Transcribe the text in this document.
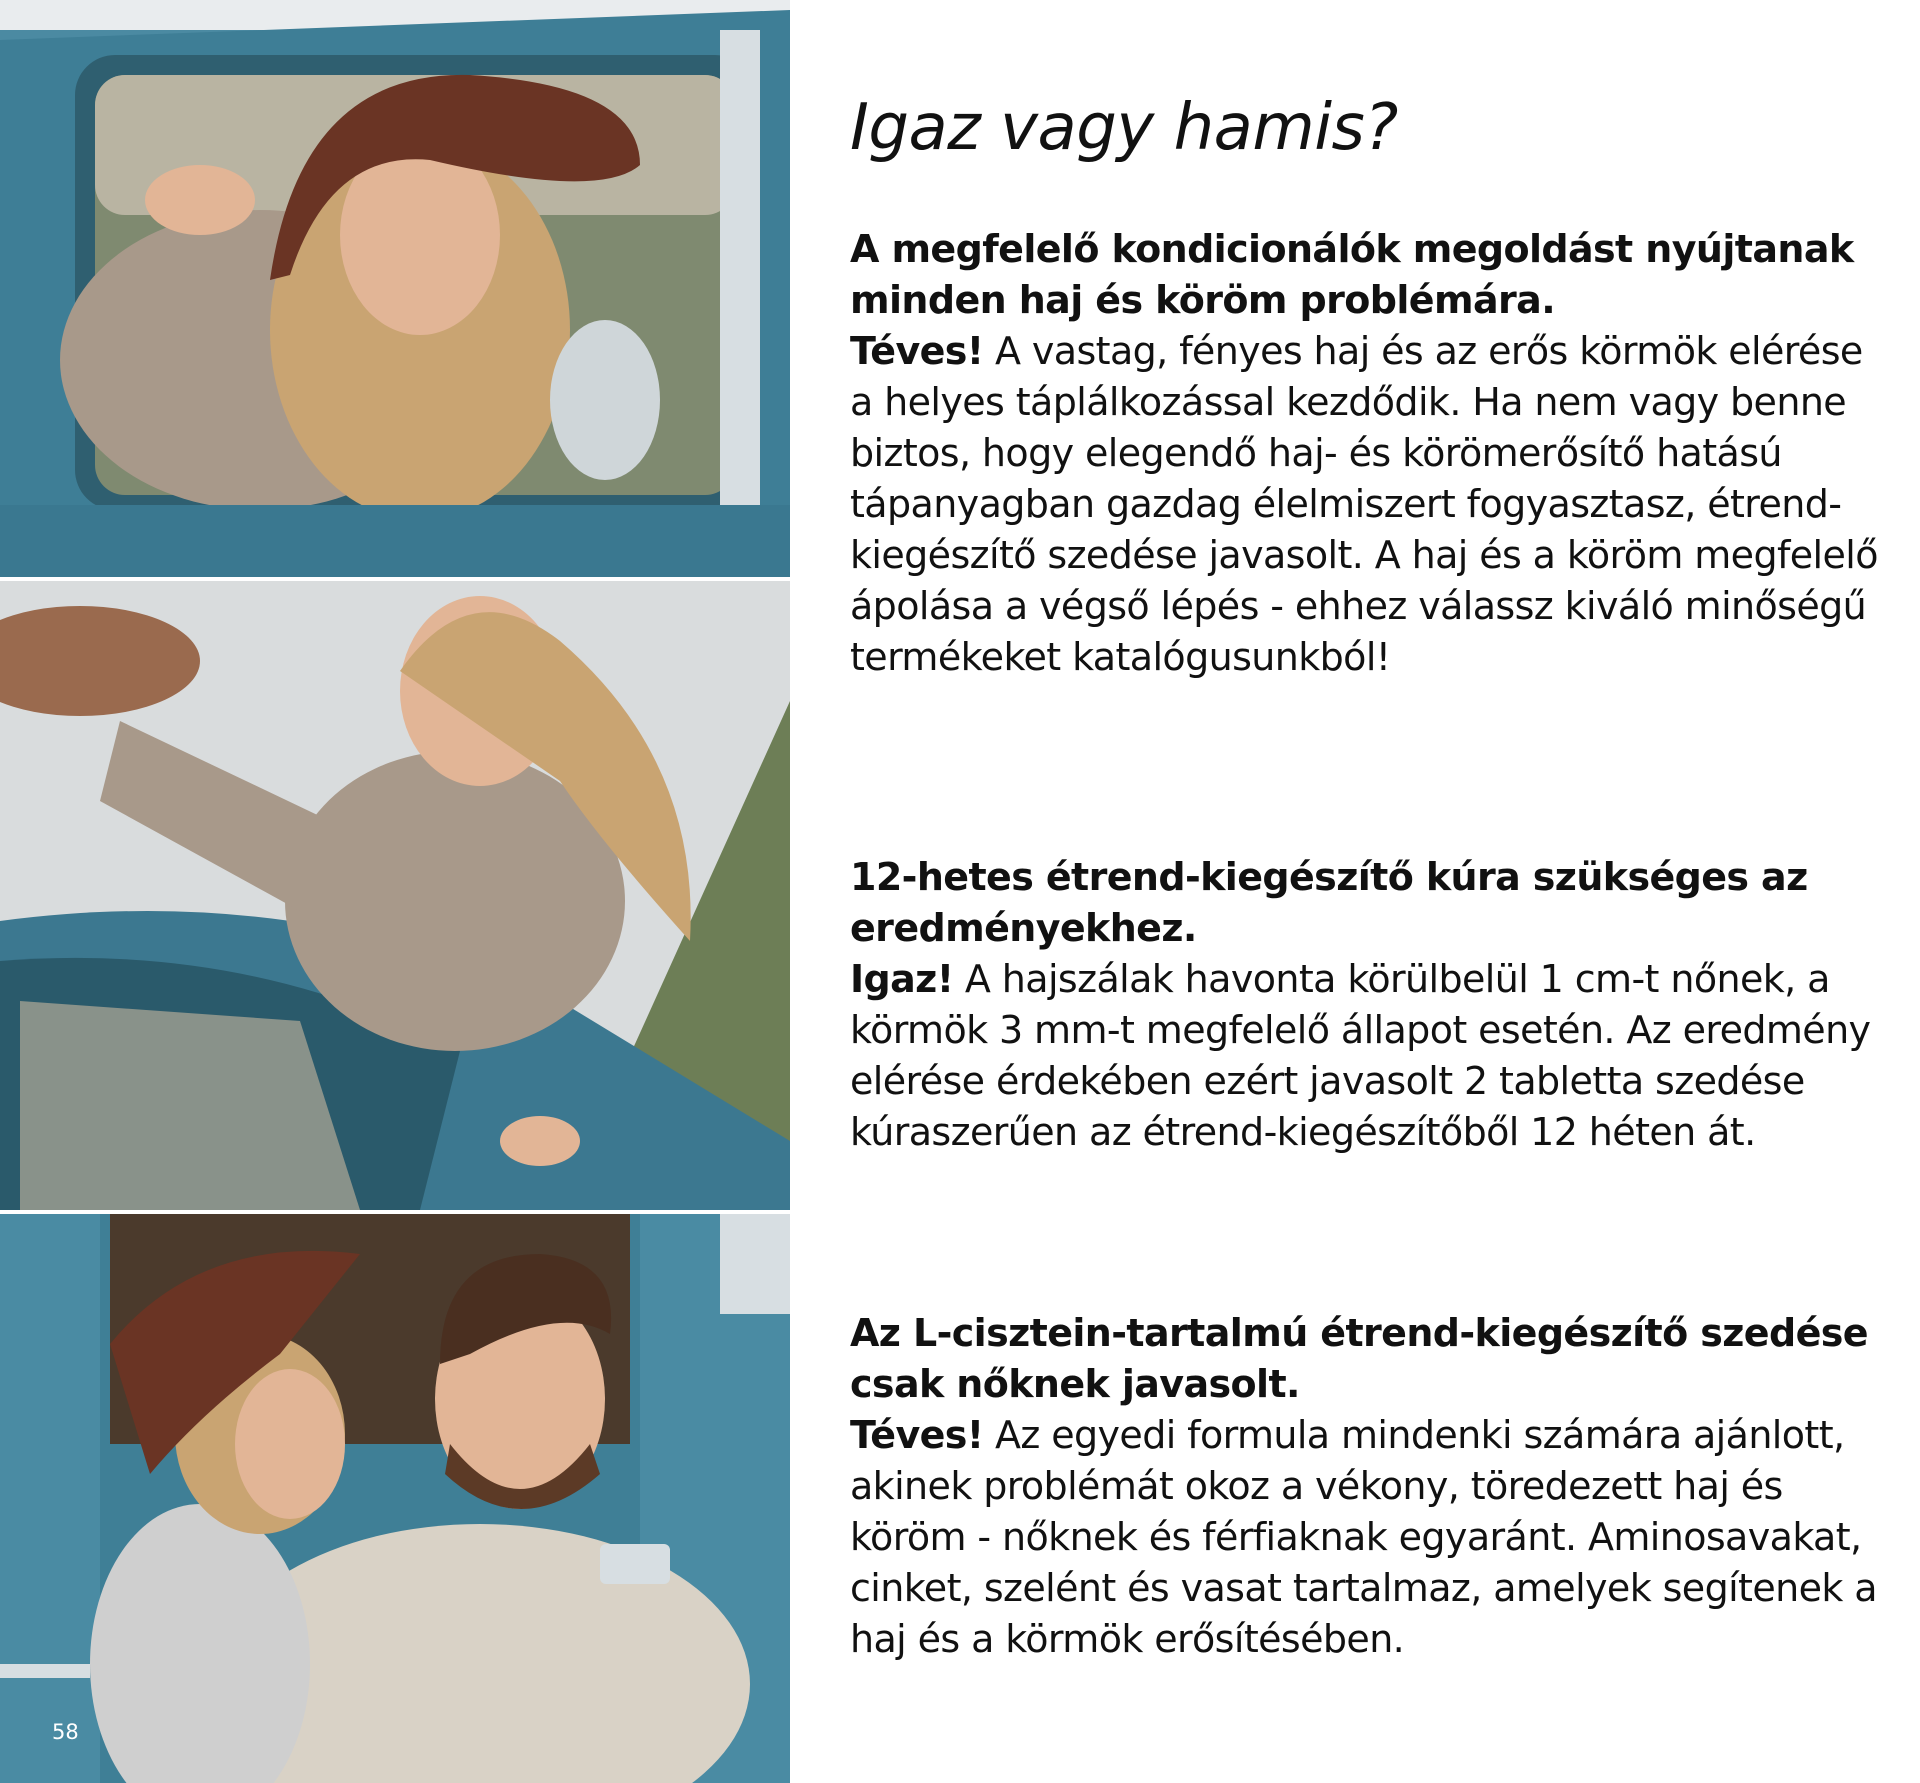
58
Igaz vagy hamis?
A megfelelő kondicionálók megoldást nyújtanak minden haj és köröm problémára.
Téves! A vastag, fényes haj és az erős körmök elérése a helyes táplálkozással kezdődik. Ha nem vagy benne biztos, hogy elegendő haj- és körömerősítő hatású tápanyagban gazdag élelmiszert fogyasztasz, étrend-kiegészítő szedése javasolt. A haj és a köröm megfelelő ápolása a végső lépés - ehhez válassz kiváló minőségű termékeket katalógusunkból!
12-hetes étrend-kiegészítő kúra szükséges az eredményekhez.
Igaz! A hajszálak havonta körülbelül 1 cm-t nőnek, a körmök 3 mm-t megfelelő állapot esetén. Az eredmény elérése érdekében ezért javasolt 2 tabletta szedése kúraszerűen az étrend-kiegészítőből 12 héten át.
Az L-cisztein-tartalmú étrend-kiegészítő szedése csak nőknek javasolt.
Téves! Az egyedi formula mindenki számára ajánlott, akinek problémát okoz a vékony, töredezett haj és köröm - nőknek és férfiaknak egyaránt. Aminosavakat, cinket, szelént és vasat tartalmaz, amelyek segítenek a haj és a körmök erősítésében.
